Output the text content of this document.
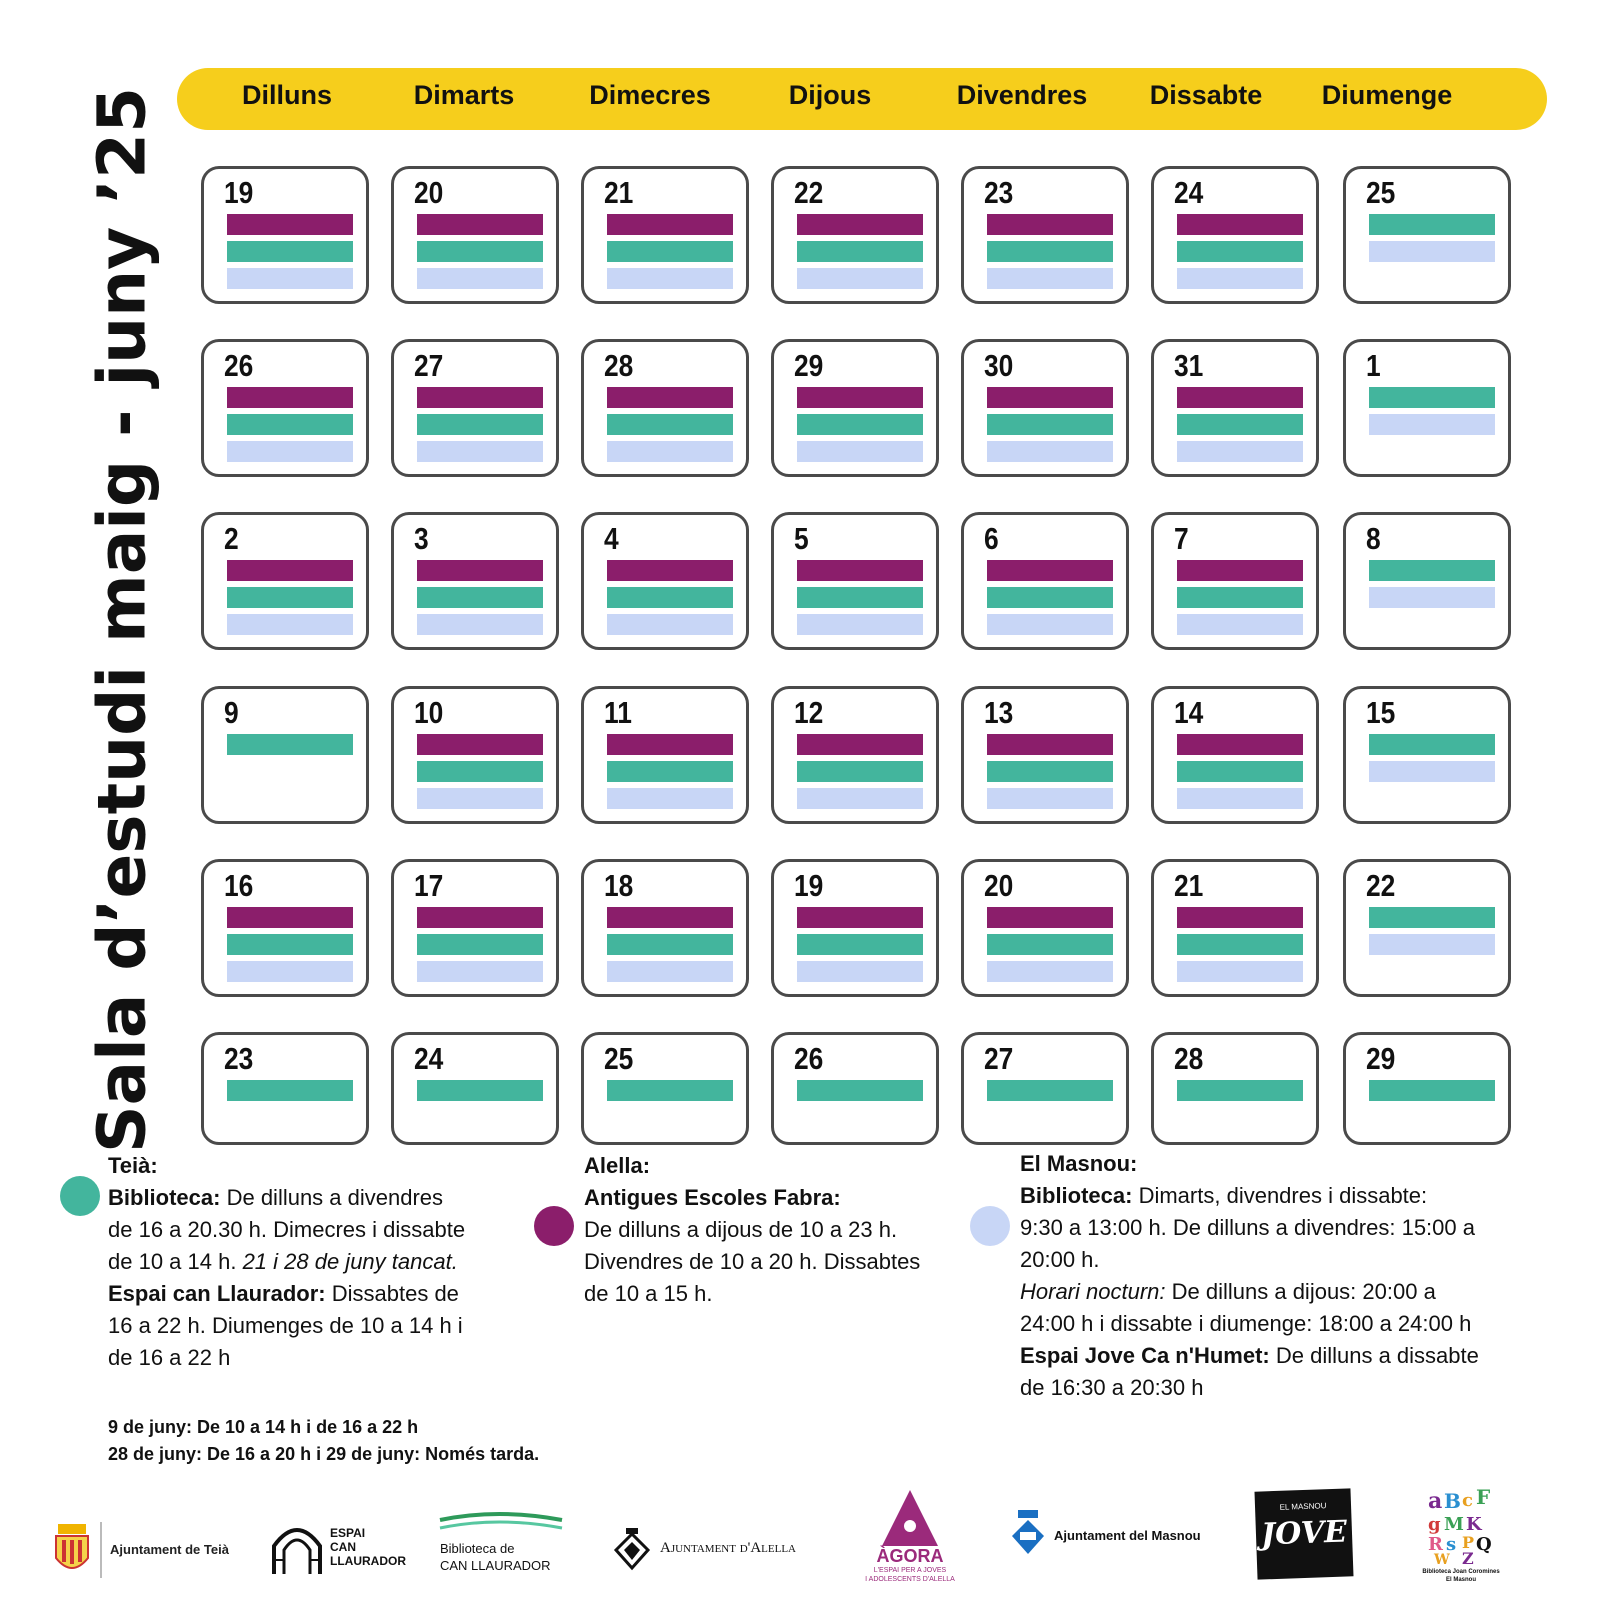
Sala d’estudi maig - juny ’25	Dilluns	Dimarts	Dimecres	Dijous	Divendres	Dissabte	Diumenge
19	20	21	22	23	24	25
26	27	28	29	30	31	1
2	3	4	5	6	7	8
9	10	11	12	13	14	15
16	17	18	19	20	21	22
23	24	25	26	27	28	29
Teià:
Biblioteca: De dilluns a divendres
de 16 a 20.30 h. Dimecres i dissabte
de 10 a 14 h. 21 i 28 de juny tancat.
Espai can Llaurador: Dissabtes de
16 a 22 h. Diumenges de 10 a 14 h i
de 16 a 22 h
9 de juny: De 10 a 14 h i de 16 a 22 h
28 de juny: De 16 a 20 h i 29 de juny: Només tarda.
Alella:
Antigues Escoles Fabra:
De dilluns a dijous de 10 a 23 h.
Divendres de 10 a 20 h. Dissabtes
de 10 a 15 h.
El Masnou:
Biblioteca: Dimarts, divendres i dissabte:
9:30 a 13:00 h. De dilluns a divendres: 15:00 a
20:00 h.
Horari nocturn: De dilluns a dijous: 20:00 a
24:00 h i dissabte i diumenge: 18:00 a 24:00 h
Espai Jove Ca n'Humet: De dilluns a dissabte
de 16:30 a 20:30 h
Ajuntament de Teià
ESPAI
CAN
LLAURADOR
Biblioteca de
CAN LLAURADOR
Ajuntament d'Alella	ÀGORA
L'ESPAI PER A JOVES
I ADOLESCENTS D'ALELLA
Ajuntament del Masnou
EL MASNOU
JOVE
a B c F
g M K
R s P Q
W Z
Biblioteca Joan Coromines
El Masnou
